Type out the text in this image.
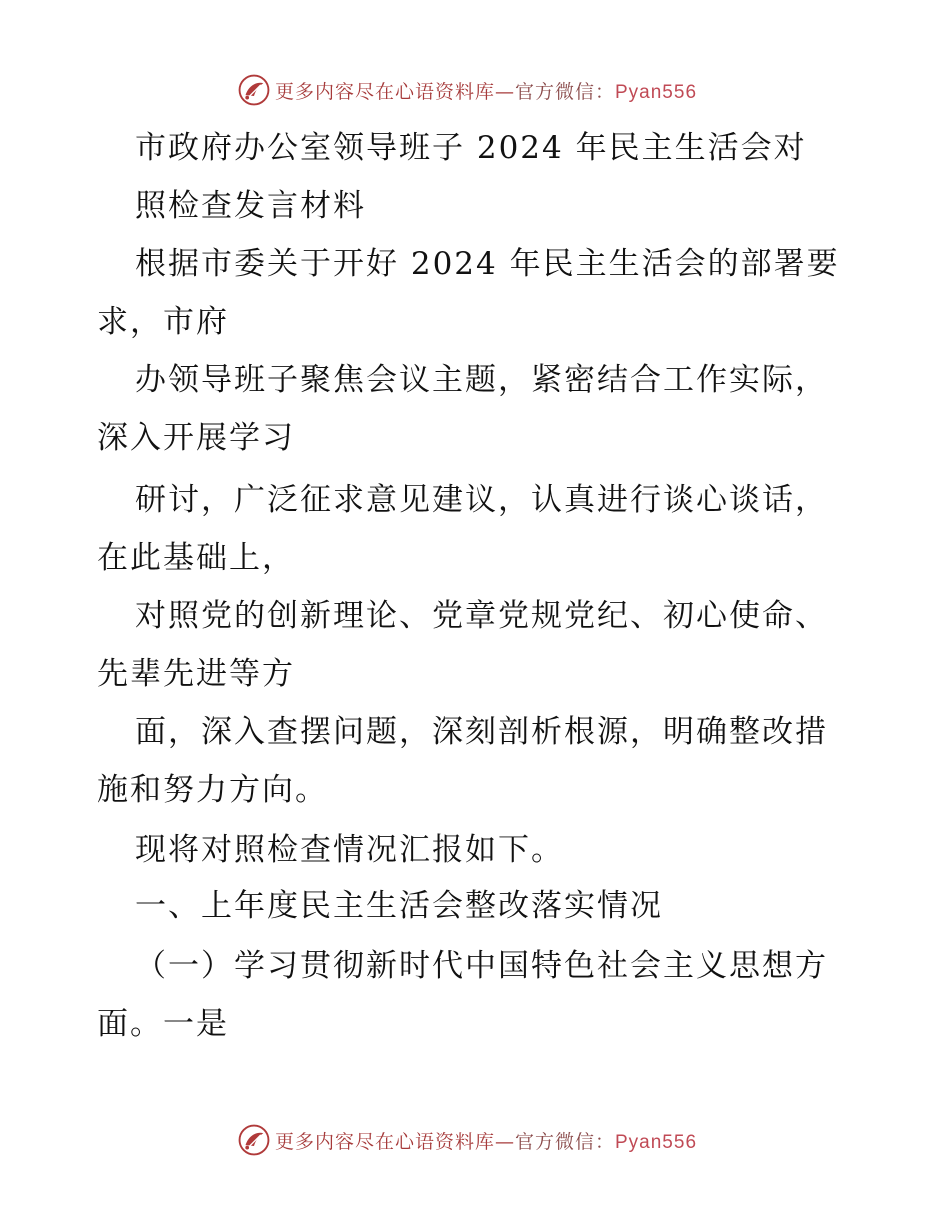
更多内容尽在心语资料库—官方微信：Pyan556
市政府办公室领导班子 2024 年民主生活会对
照检查发言材料
根据市委关于开好 2024 年民主生活会的部署要
求，市府
办领导班子聚焦会议主题，紧密结合工作实际，
深入开展学习
研讨，广泛征求意见建议，认真进行谈心谈话，
在此基础上，
对照党的创新理论、党章党规党纪、初心使命、
先辈先进等方
面，深入查摆问题，深刻剖析根源，明确整改措
施和努力方向。
现将对照检查情况汇报如下。
一、上年度民主生活会整改落实情况
（一）学习贯彻新时代中国特色社会主义思想方
面。一是
更多内容尽在心语资料库—官方微信：Pyan556
